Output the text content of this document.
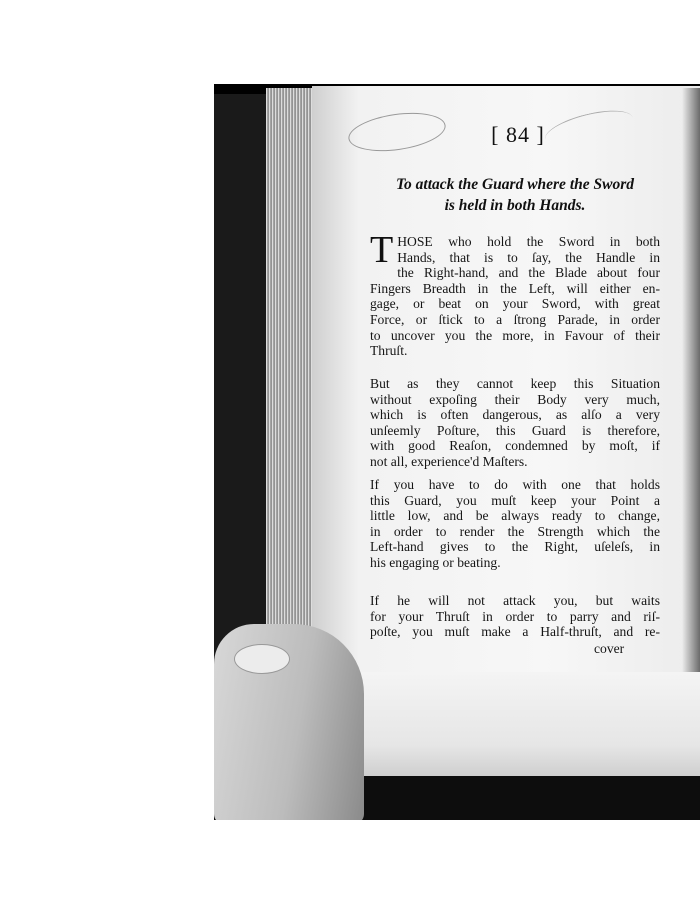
[ 84 ]
To attack the Guard where the Sword
is held in both Hands.
T HOSE who hold the Sword in both
Hands, that is to ſay, the Handle in
the Right-hand, and the Blade about four
Fingers Breadth in the Left, will either en-
gage, or beat on your Sword, with great
Force, or ſtick to a ſtrong Parade, in order
to uncover you the more, in Favour of their
Thruſt.
But as they cannot keep this Situation
without expoſing their Body very much,
which is often dangerous, as alſo a very
unſeemly Poſture, this Guard is therefore,
with good Reaſon, condemned by moſt, if
not all, experience'd Maſters.
If you have to do with one that holds
this Guard, you muſt keep your Point a
little low, and be always ready to change,
in order to render the Strength which the
Left-hand gives to the Right, uſeleſs, in
his engaging or beating.
If he will not attack you, but waits
for your Thruſt in order to parry and riſ-
poſte, you muſt make a Half-thruſt, and re-
cover
